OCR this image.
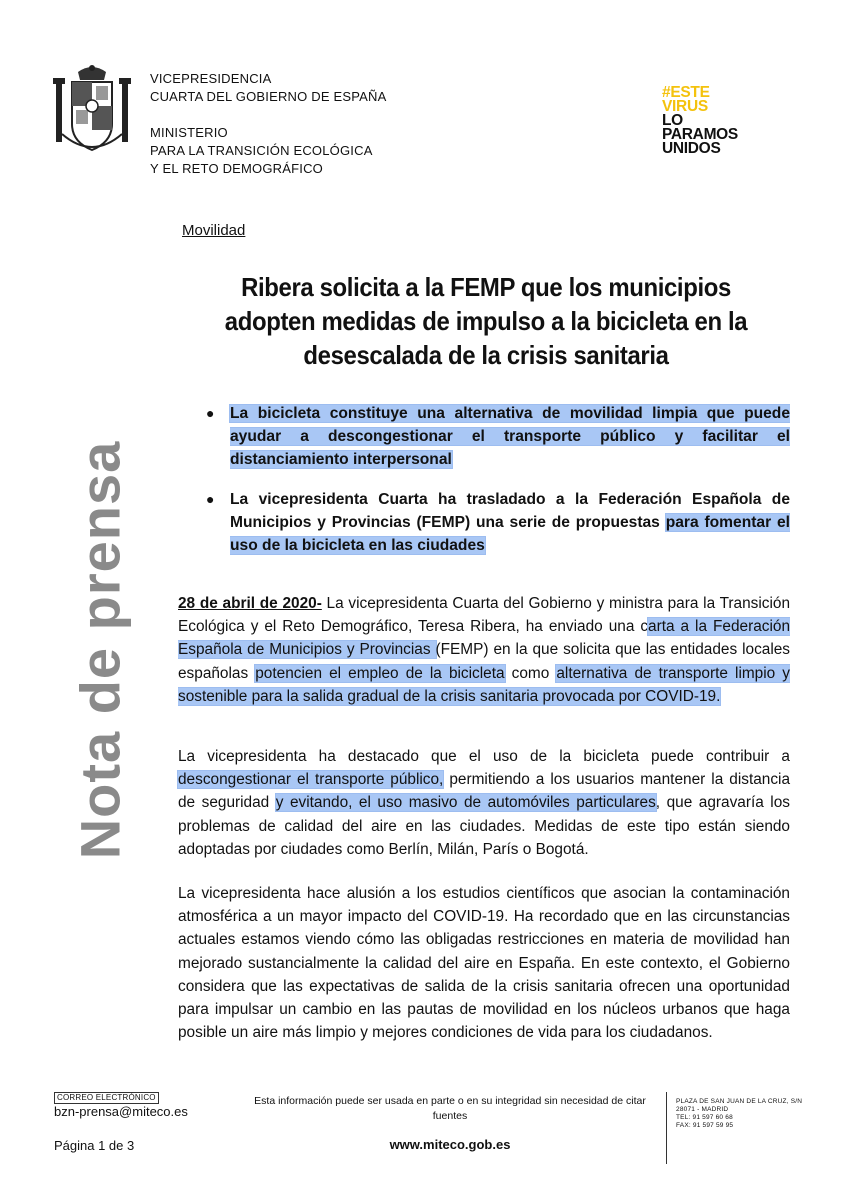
VICEPRESIDENCIA
CUARTA DEL GOBIERNO DE ESPAÑA
MINISTERIO
PARA LA TRANSICIÓN ECOLÓGICA
Y EL RETO DEMOGRÁFICO
#ESTE
VIRUS
LO
PARAMOS
UNIDOS
Movilidad
Ribera solicita a la FEMP que los municipios adopten medidas de impulso a la bicicleta en la desescalada de la crisis sanitaria
Nota de prensa
● La bicicleta constituye una alternativa de movilidad limpia que puede ayudar a descongestionar el transporte público y facilitar el distanciamiento interpersonal
● La vicepresidenta Cuarta ha trasladado a la Federación Española de Municipios y Provincias (FEMP) una serie de propuestas para fomentar el uso de la bicicleta en las ciudades
28 de abril de 2020- La vicepresidenta Cuarta del Gobierno y ministra para la Transición Ecológica y el Reto Demográfico, Teresa Ribera, ha enviado una carta a la Federación Española de Municipios y Provincias (FEMP) en la que solicita que las entidades locales españolas potencien el empleo de la bicicleta como alternativa de transporte limpio y sostenible para la salida gradual de la crisis sanitaria provocada por COVID-19.
La vicepresidenta ha destacado que el uso de la bicicleta puede contribuir a descongestionar el transporte público, permitiendo a los usuarios mantener la distancia de seguridad y evitando, el uso masivo de automóviles particulares, que agravaría los problemas de calidad del aire en las ciudades. Medidas de este tipo están siendo adoptadas por ciudades como Berlín, Milán, París o Bogotá.
La vicepresidenta hace alusión a los estudios científicos que asocian la contaminación atmosférica a un mayor impacto del COVID-19. Ha recordado que en las circunstancias actuales estamos viendo cómo las obligadas restricciones en materia de movilidad han mejorado sustancialmente la calidad del aire en España. En este contexto, el Gobierno considera que las expectativas de salida de la crisis sanitaria ofrecen una oportunidad para impulsar un cambio en las pautas de movilidad en los núcleos urbanos que haga posible un aire más limpio y mejores condiciones de vida para los ciudadanos.
CORREO ELECTRÓNICO
bzn-prensa@miteco.es
Página 1 de 3
Esta información puede ser usada en parte o en su integridad sin necesidad de citar fuentes
www.miteco.gob.es
PLAZA DE SAN JUAN DE LA CRUZ, S/N
28071 - MADRID
TEL: 91 597 60 68
FAX: 91 597 59 95
